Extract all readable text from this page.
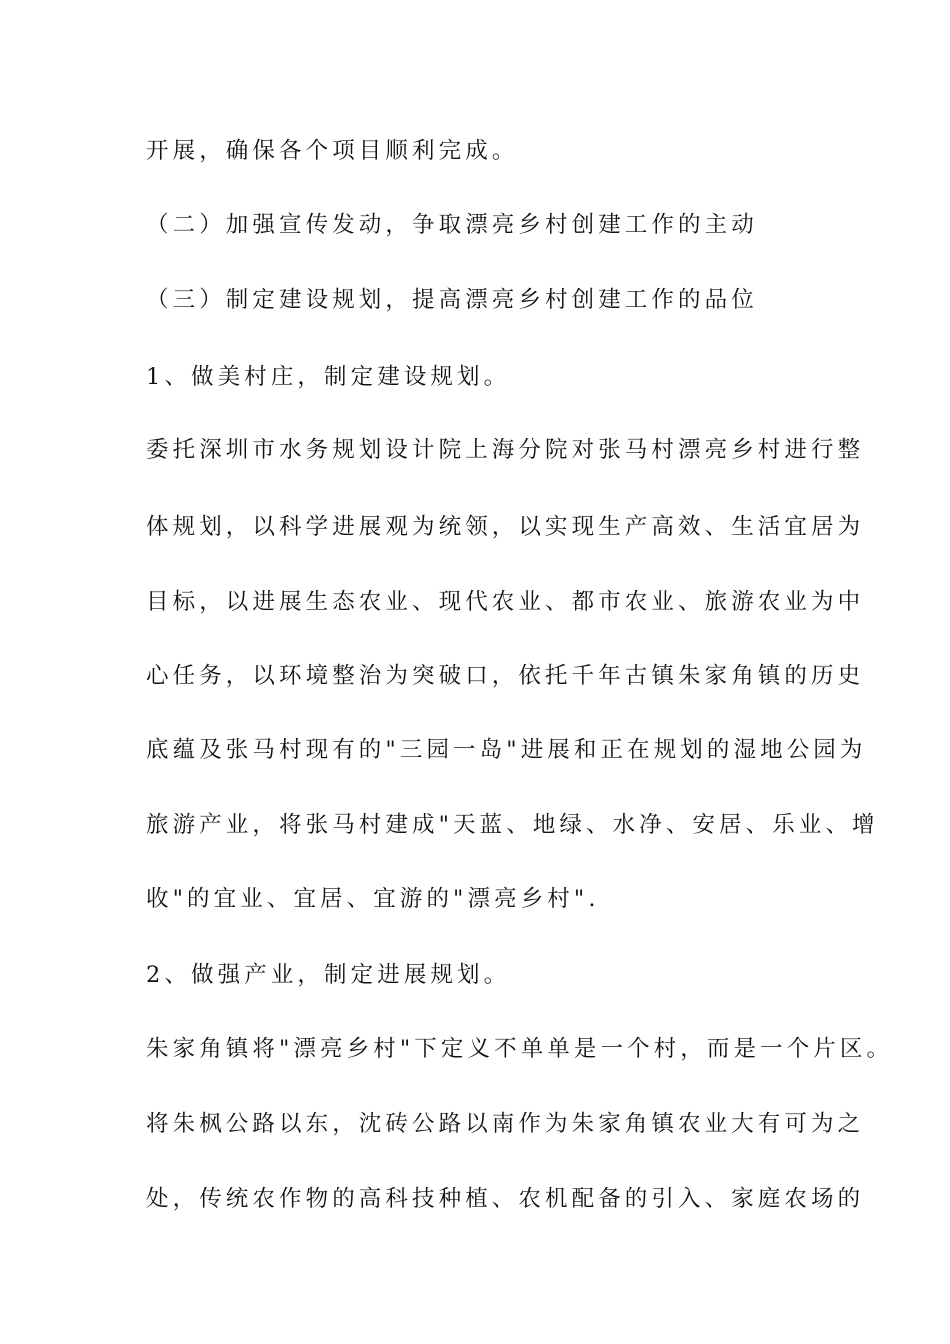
开展，确保各个项目顺利完成。
（二）加强宣传发动，争取漂亮乡村创建工作的主动
（三）制定建设规划，提高漂亮乡村创建工作的品位
1、做美村庄，制定建设规划。
委托深圳市水务规划设计院上海分院对张马村漂亮乡村进行整
体规划，以科学进展观为统领，以实现生产高效、生活宜居为
目标，以进展生态农业、现代农业、都市农业、旅游农业为中
心任务，以环境整治为突破口，依托千年古镇朱家角镇的历史
底蕴及张马村现有的"三园一岛"进展和正在规划的湿地公园为
旅游产业，将张马村建成"天蓝、地绿、水净、安居、乐业、增
收"的宜业、宜居、宜游的"漂亮乡村".
2、做强产业，制定进展规划。
朱家角镇将"漂亮乡村"下定义不单单是一个村，而是一个片区。
将朱枫公路以东，沈砖公路以南作为朱家角镇农业大有可为之
处，传统农作物的高科技种植、农机配备的引入、家庭农场的
